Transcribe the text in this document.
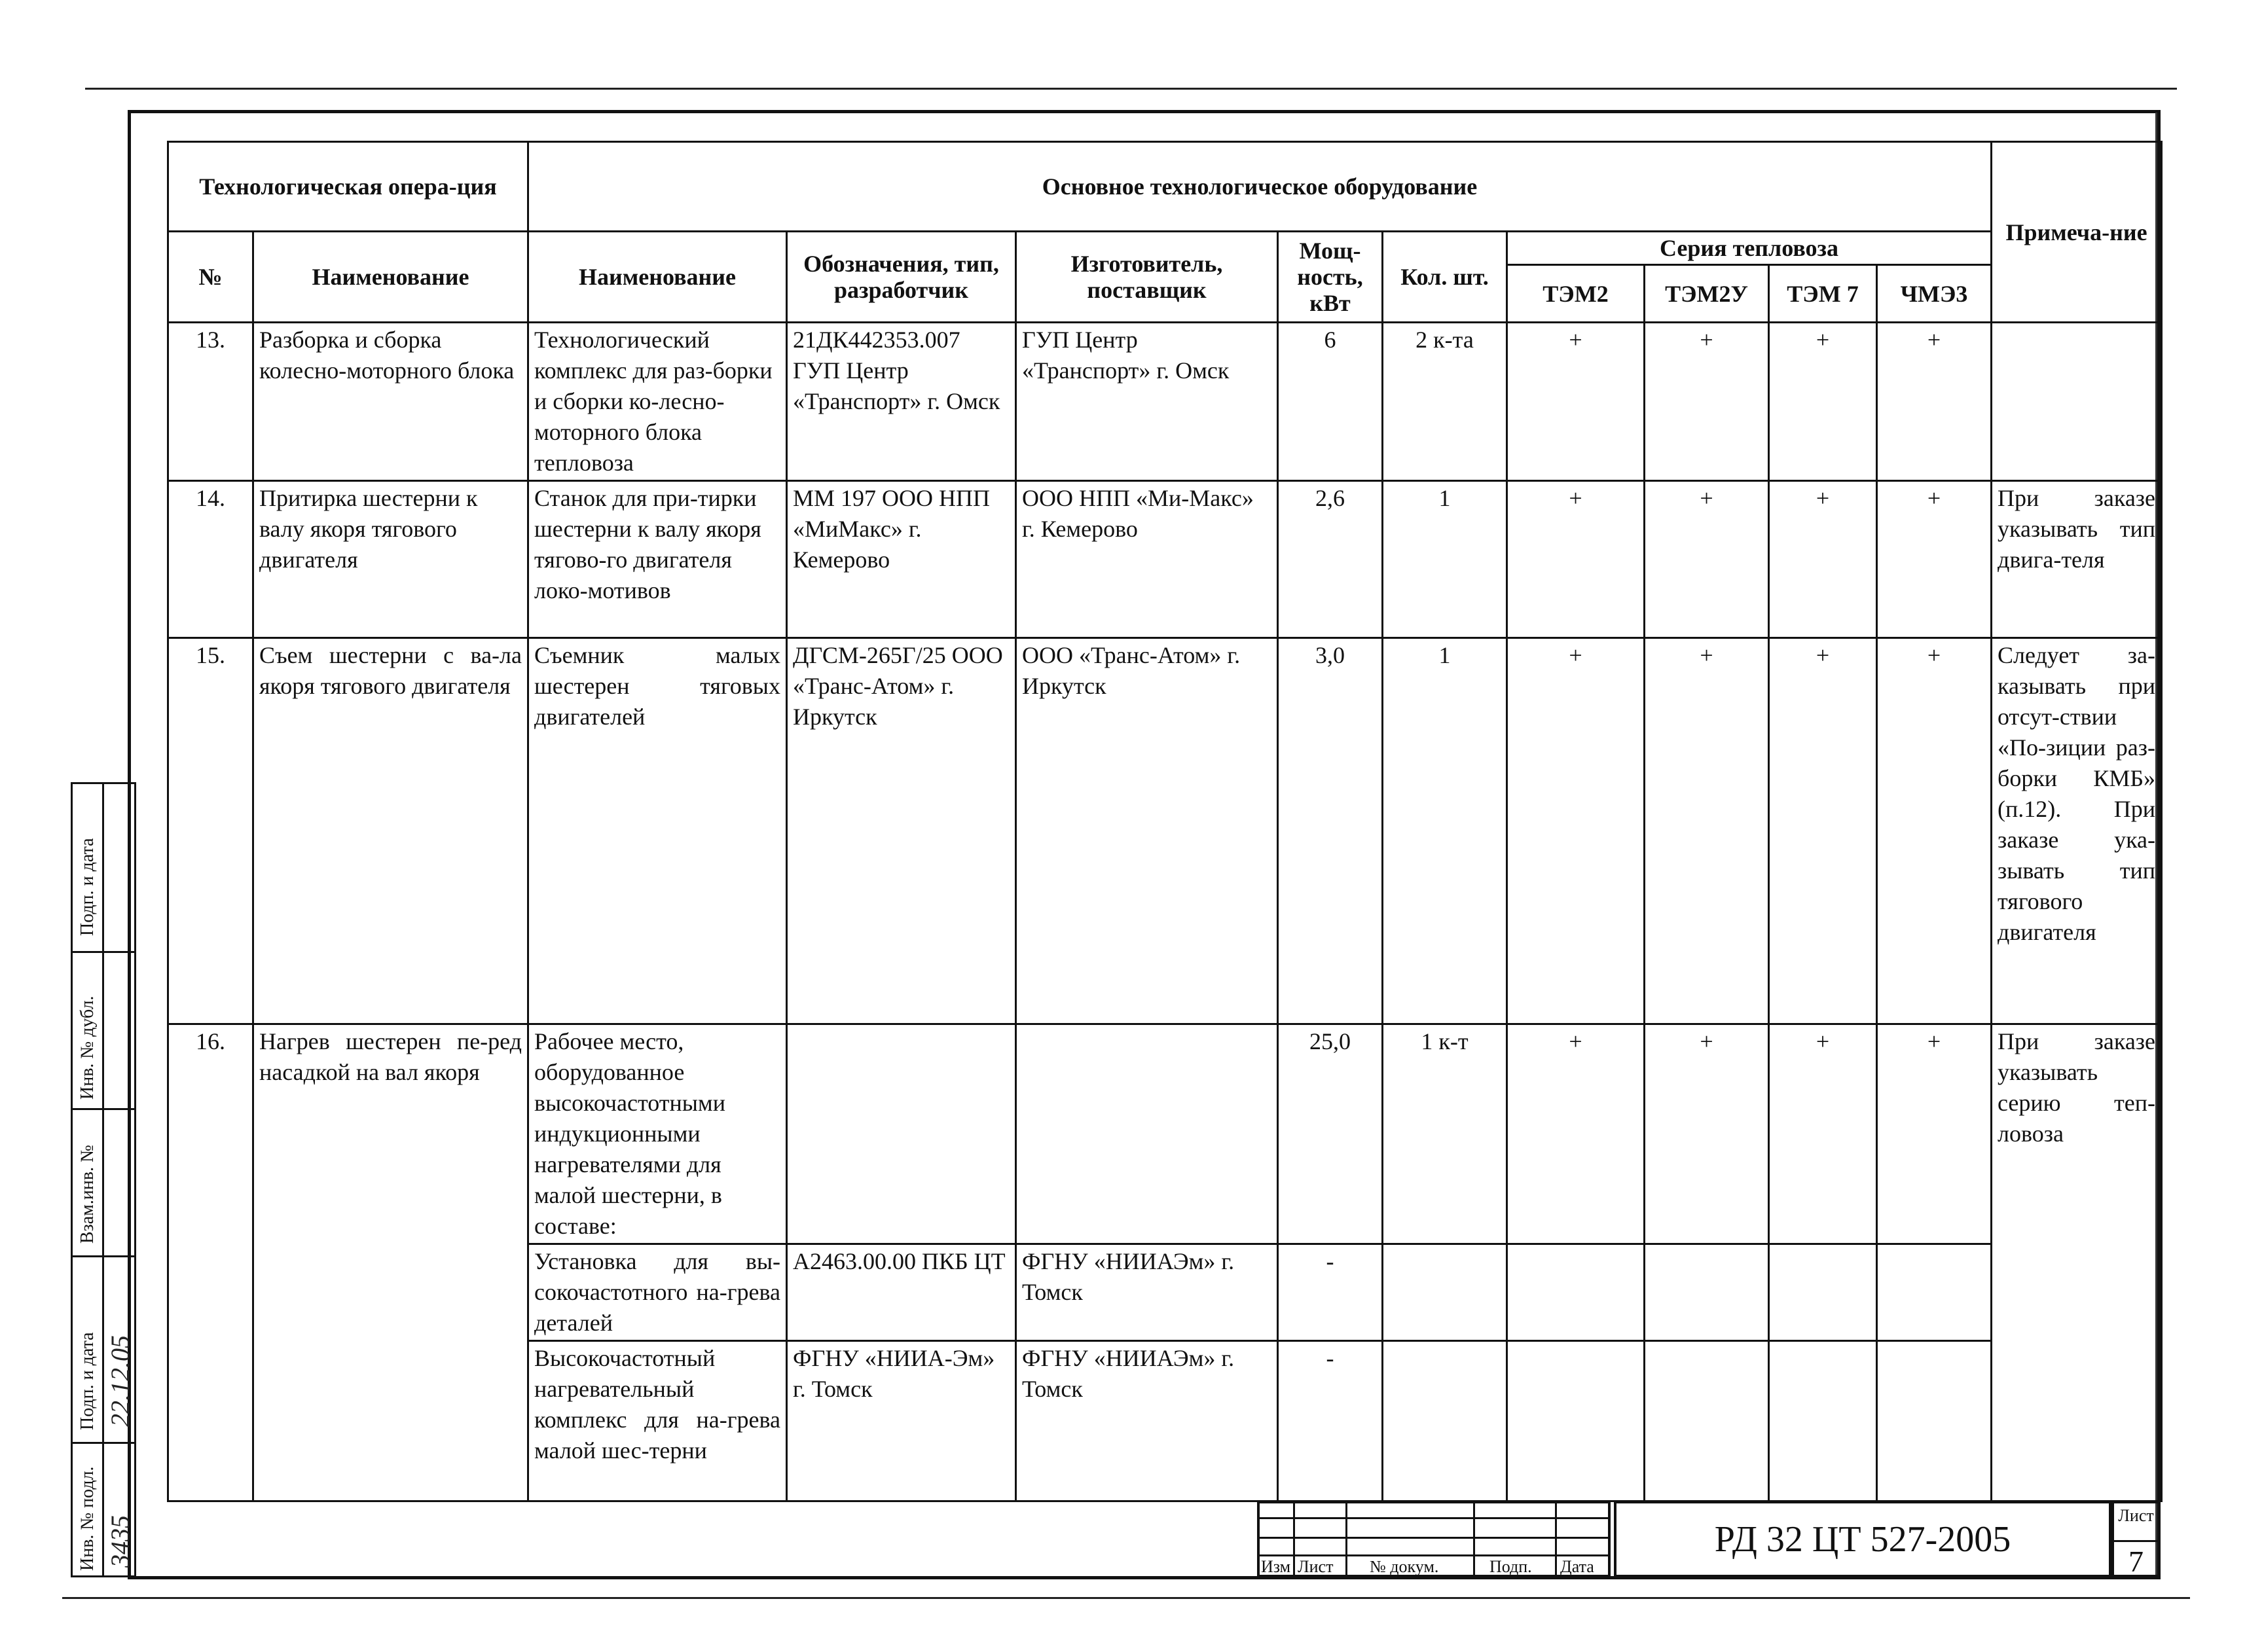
Технологическая опера-ция		Основное технологическое оборудование									Примеча-ние
№	Наименование	Наименование	Обозначения, тип, разработчик	Изготовитель, поставщик	Мощ-ность, кВт	Кол. шт.	Серия тепловоза				
							ТЭМ2	ТЭМ2У	ТЭМ 7	ЧМЭ3	
13.	Разборка и сборка колесно-моторного блока	Технологический комплекс для раз-борки и сборки ко-лесно-моторного блока тепловоза	21ДК442353.007 ГУП Центр «Транспорт» г. Омск	ГУП Центр «Транспорт» г. Омск	6	2 к-та	+	+	+	+	
14.	Притирка шестерни к валу якоря тягового двигателя	Станок для при-тирки шестерни к валу якоря тягово-го двигателя локо-мотивов	ММ 197 ООО НПП «МиМакс» г. Кемерово	ООО НПП «Ми-Макс» г. Кемерово	2,6	1	+	+	+	+	При заказе указывать тип двига-теля
15.	Съем шестерни с ва-ла якоря тягового двигателя	Съемник малых шестерен тяговых двигателей	ДГСМ-265Г/25 ООО «Транс-Атом» г. Иркутск	ООО «Транс-Атом» г. Иркутск	3,0	1	+	+	+	+	Следует за-казывать при отсут-ствии «По-зиции раз-борки КМБ» (п.12). При заказе ука-зывать тип тягового двигателя
16.	Нагрев шестерен пе-ред насадкой на вал якоря	Рабочее место, оборудованное высокочастотными индукционными нагревателями для малой шестерни, в составе:			25,0	1 к-т	+	+	+	+	При заказе указывать серию теп-ловоза
		Установка для вы-сокочастотного на-грева деталей	А2463.00.00 ПКБ ЦТ	ФГНУ «НИИАЭм» г. Томск	-						
		Высокочастотный нагревательный комплекс для на-грева малой шес-терни	ФГНУ «НИИА-Эм» г. Томск	ФГНУ «НИИАЭм» г. Томск	-						
Подп. и дата
Инв. № дубл.
Взам.инв. №
Подп. и дата
Инв. № подл.
22.12.05
3435	Изм Лист № докум.	Подп. Дата
РД 32 ЦТ 527-2005
Лист
7
